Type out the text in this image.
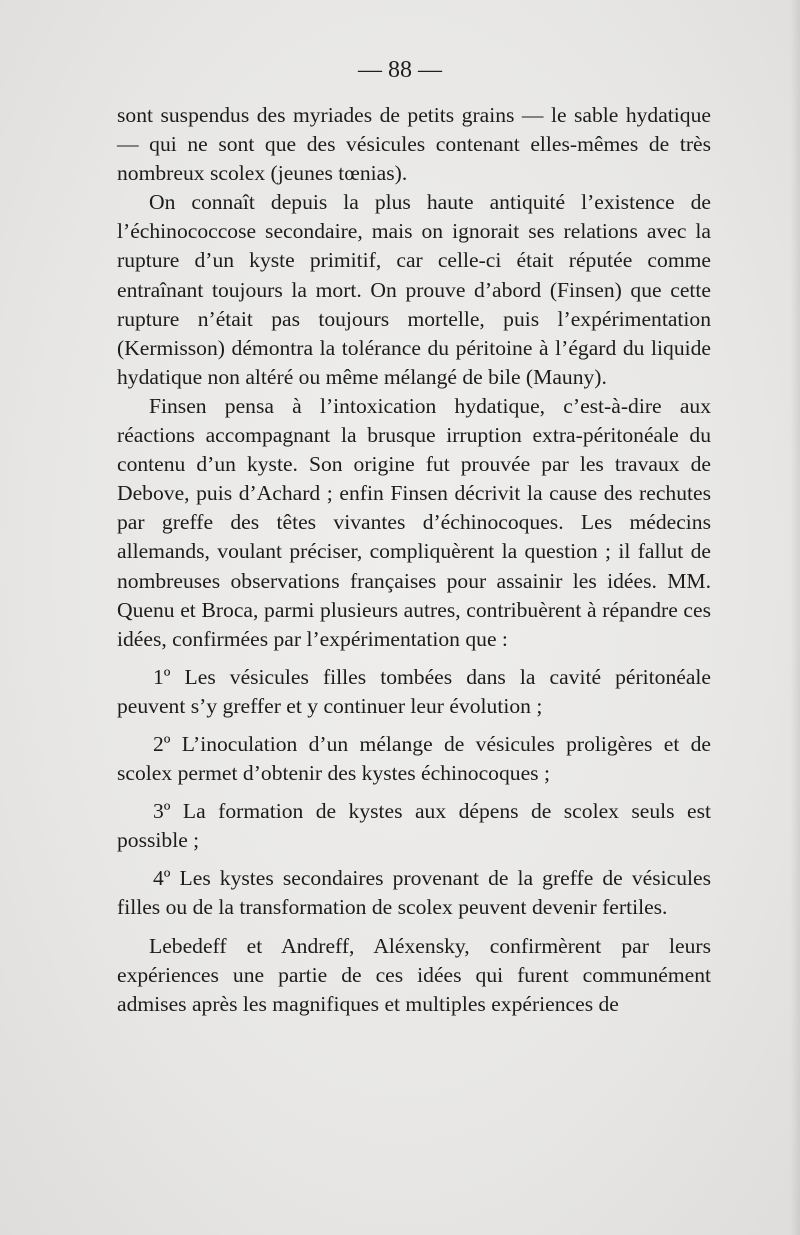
— 88 —

sont suspendus des myriades de petits grains — le sable hydatique — qui ne sont que des vésicules contenant elles-mêmes de très nombreux scolex (jeunes tœnias).

On connaît depuis la plus haute antiquité l’existence de l’échinococcose secondaire, mais on ignorait ses relations avec la rupture d’un kyste primitif, car celle-ci était réputée comme entraînant toujours la mort. On prouve d’abord (Finsen) que cette rupture n’était pas toujours mortelle, puis l’expérimentation (Kermisson) démontra la tolérance du péritoine à l’égard du liquide hydatique non altéré ou même mélangé de bile (Mauny).

Finsen pensa à l’intoxication hydatique, c’est-à-dire aux réactions accompagnant la brusque irruption extra-péritonéale du contenu d’un kyste. Son origine fut prouvée par les travaux de Debove, puis d’Achard ; enfin Finsen décrivit la cause des rechutes par greffe des têtes vivantes d’échinocoques. Les médecins allemands, voulant préciser, compliquèrent la question ; il fallut de nombreuses observations françaises pour assainir les idées. MM. Quenu et Broca, parmi plusieurs autres, contribuèrent à répandre ces idées, confirmées par l’expérimentation que :

1º Les vésicules filles tombées dans la cavité péritonéale peuvent s’y greffer et y continuer leur évolution ;

2º L’inoculation d’un mélange de vésicules proligères et de scolex permet d’obtenir des kystes échinocoques ;

3º La formation de kystes aux dépens de scolex seuls est possible ;

4º Les kystes secondaires provenant de la greffe de vésicules filles ou de la transformation de scolex peuvent devenir fertiles.

Lebedeff et Andreff, Aléxensky, confirmèrent par leurs expériences une partie de ces idées qui furent communément admises après les magnifiques et multiples expériences de
